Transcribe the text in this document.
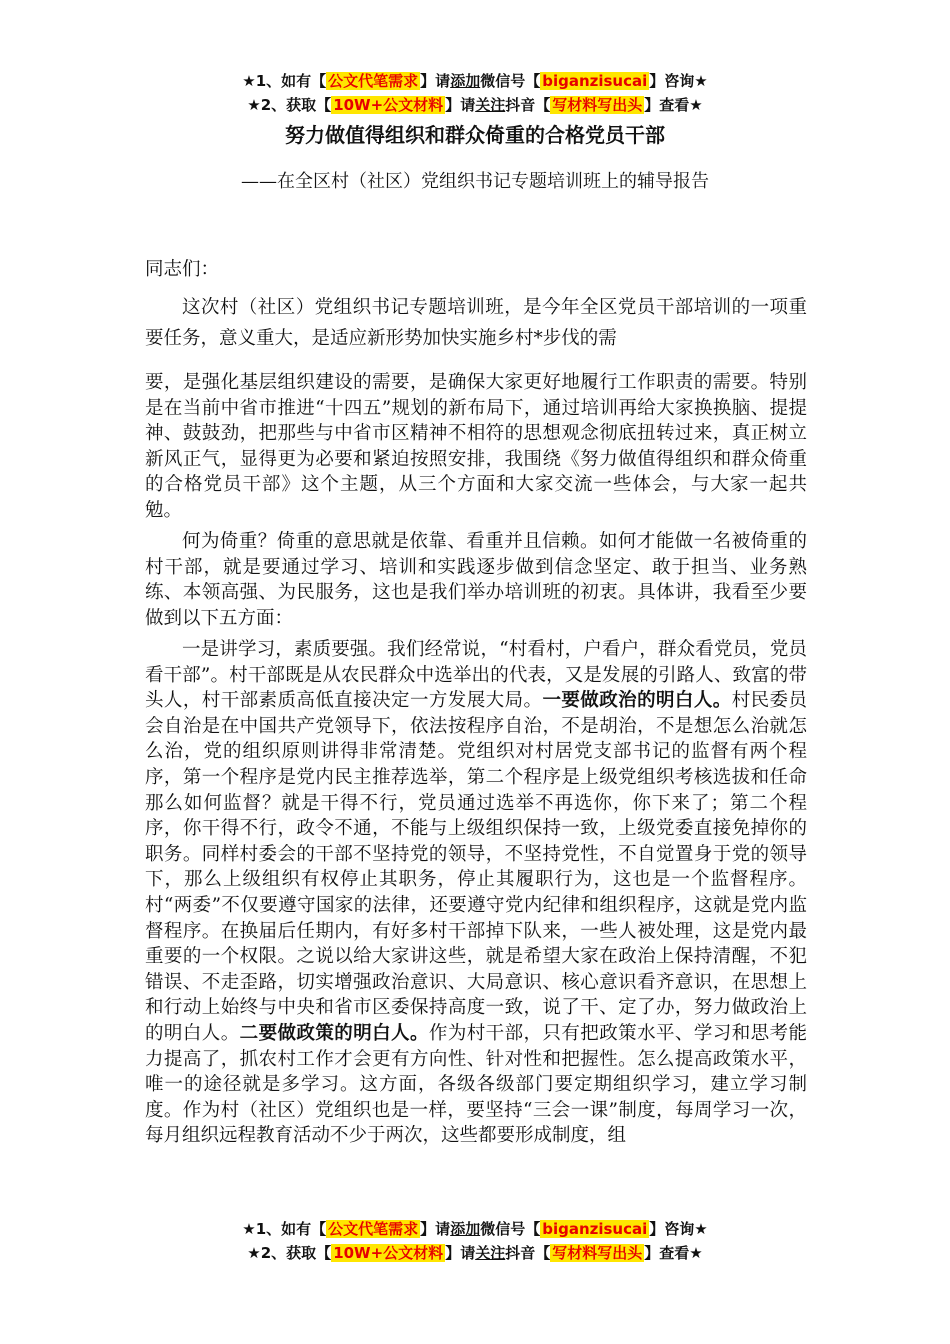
★1、如有【 公文代笔需求 】请添加微信号【 biganzisucai 】咨询★
★2、获取【 10W+公文材料 】请关注抖音【 写材料写出头 】查看★
努力做值得组织和群众倚重的合格党员干部
——在全区村（社区）党组织书记专题培训班上的辅导报告
同志们：

这次村（社区）党组织书记专题培训班，是今年全区党员干部培训的一项重要任务，意义重大，是适应新形势加快实施乡村*步伐的需

要，是强化基层组织建设的需要，是确保大家更好地履行工作职责的需要。特别是在当前中省市推进“十四五”规划的新布局下，通过培训再给大家换换脑、提提神、鼓鼓劲，把那些与中省市区精神不相符的思想观念彻底扭转过来，真正树立新风正气，显得更为必要和紧迫按照安排，我围绕《努力做值得组织和群众倚重的合格党员干部》这个主题，从三个方面和大家交流一些体会，与大家一起共勉。

何为倚重？倚重的意思就是依靠、看重并且信赖。如何才能做一名被倚重的村干部，就是要通过学习、培训和实践逐步做到信念坚定、敢于担当、业务熟练、本领高强、为民服务，这也是我们举办培训班的初衷。具体讲，我看至少要做到以下五方面：

一是讲学习，素质要强。我们经常说，“村看村，户看户，群众看党员，党员看干部”。村干部既是从农民群众中选举出的代表，又是发展的引路人、致富的带头人，村干部素质高低直接决定一方发展大局。一要做政治的明白人。村民委员会自治是在中国共产党领导下，依法按程序自治，不是胡治，不是想怎么治就怎么治，党的组织原则讲得非常清楚。党组织对村居党支部书记的监督有两个程序，第一个程序是党内民主推荐选举，第二个程序是上级党组织考核选拔和任命那么如何监督？就是干得不行，党员通过选举不再选你，你下来了；第二个程序，你干得不行，政令不通，不能与上级组织保持一致，上级党委直接免掉你的职务。同样村委会的干部不坚持党的领导，不坚持党性，不自觉置身于党的领导下，那么上级组织有权停止其职务，停止其履职行为，这也是一个监督程序。村“两委”不仅要遵守国家的法律，还要遵守党内纪律和组织程序，这就是党内监督程序。在换届后任期内，有好多村干部掉下队来，一些人被处理，这是党内最重要的一个权限。之说以给大家讲这些，就是希望大家在政治上保持清醒，不犯错误、不走歪路，切实增强政治意识、大局意识、核心意识看齐意识，在思想上和行动上始终与中央和省市区委保持高度一致，说了干、定了办，努力做政治上的明白人。二要做政策的明白人。作为村干部，只有把政策水平、学习和思考能力提高了，抓农村工作才会更有方向性、针对性和把握性。怎么提高政策水平，唯一的途径就是多学习。这方面，各级各级部门要定期组织学习，建立学习制度。作为村（社区）党组织也是一样，要坚持“三会一课”制度，每周学习一次，每月组织远程教育活动不少于两次，这些都要形成制度，组

★1、如有【 公文代笔需求 】请添加微信号【 biganzisucai 】咨询★
★2、获取【 10W+公文材料 】请关注抖音【 写材料写出头 】查看★
